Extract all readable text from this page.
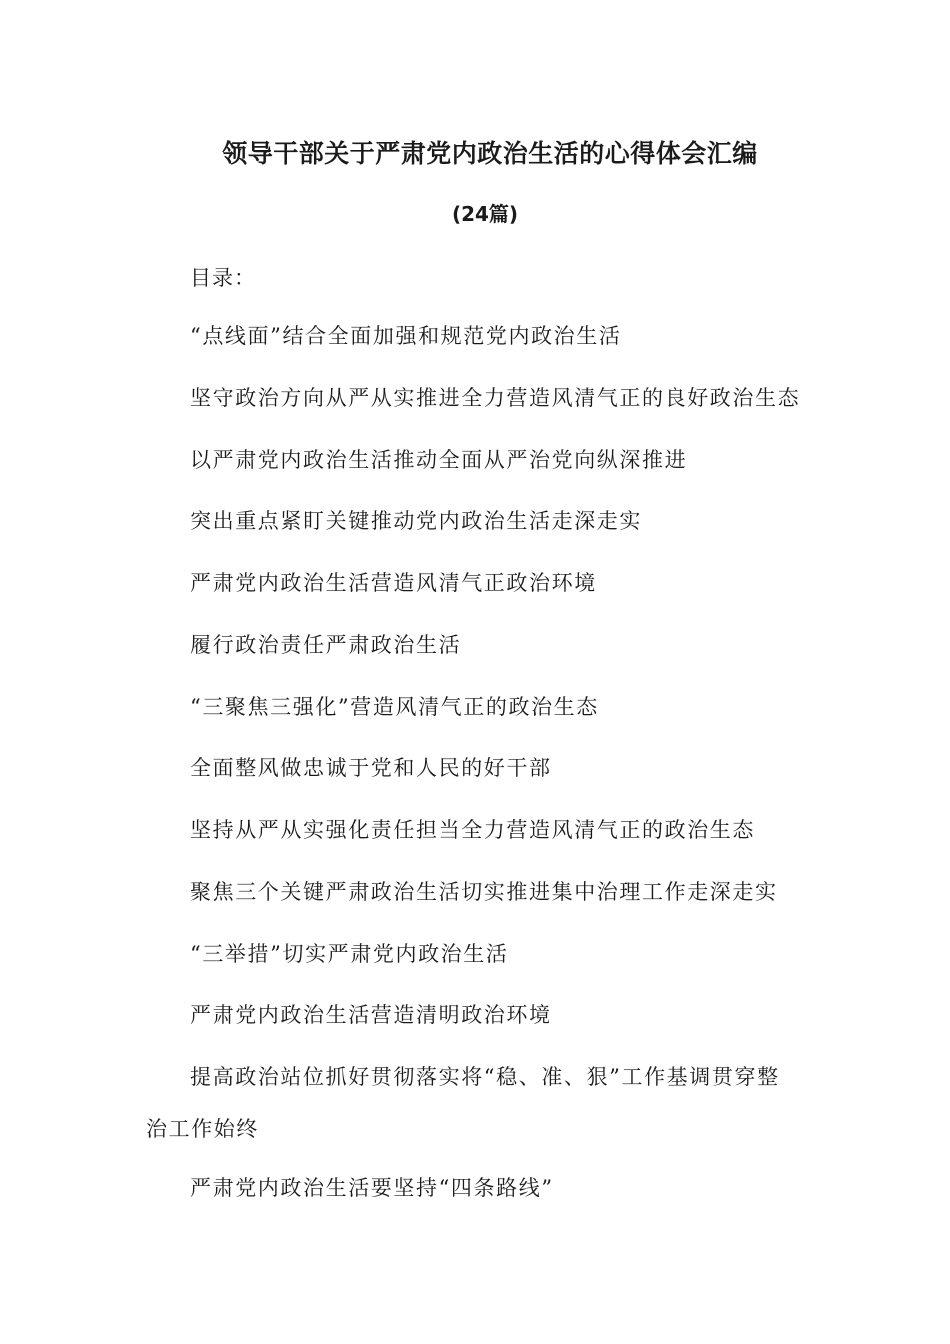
领导干部关于严肃党内政治生活的心得体会汇编
(24篇)
目录：
“点线面”结合全面加强和规范党内政治生活
坚守政治方向从严从实推进全力营造风清气正的良好政治生态
以严肃党内政治生活推动全面从严治党向纵深推进
突出重点紧盯关键推动党内政治生活走深走实
严肃党内政治生活营造风清气正政治环境
履行政治责任严肃政治生活
“三聚焦三强化”营造风清气正的政治生态
全面整风做忠诚于党和人民的好干部
坚持从严从实强化责任担当全力营造风清气正的政治生态
聚焦三个关键严肃政治生活切实推进集中治理工作走深走实
“三举措”切实严肃党内政治生活
严肃党内政治生活营造清明政治环境
提高政治站位抓好贯彻落实将“稳、准、狠”工作基调贯穿整
治工作始终
严肃党内政治生活要坚持“四条路线”
